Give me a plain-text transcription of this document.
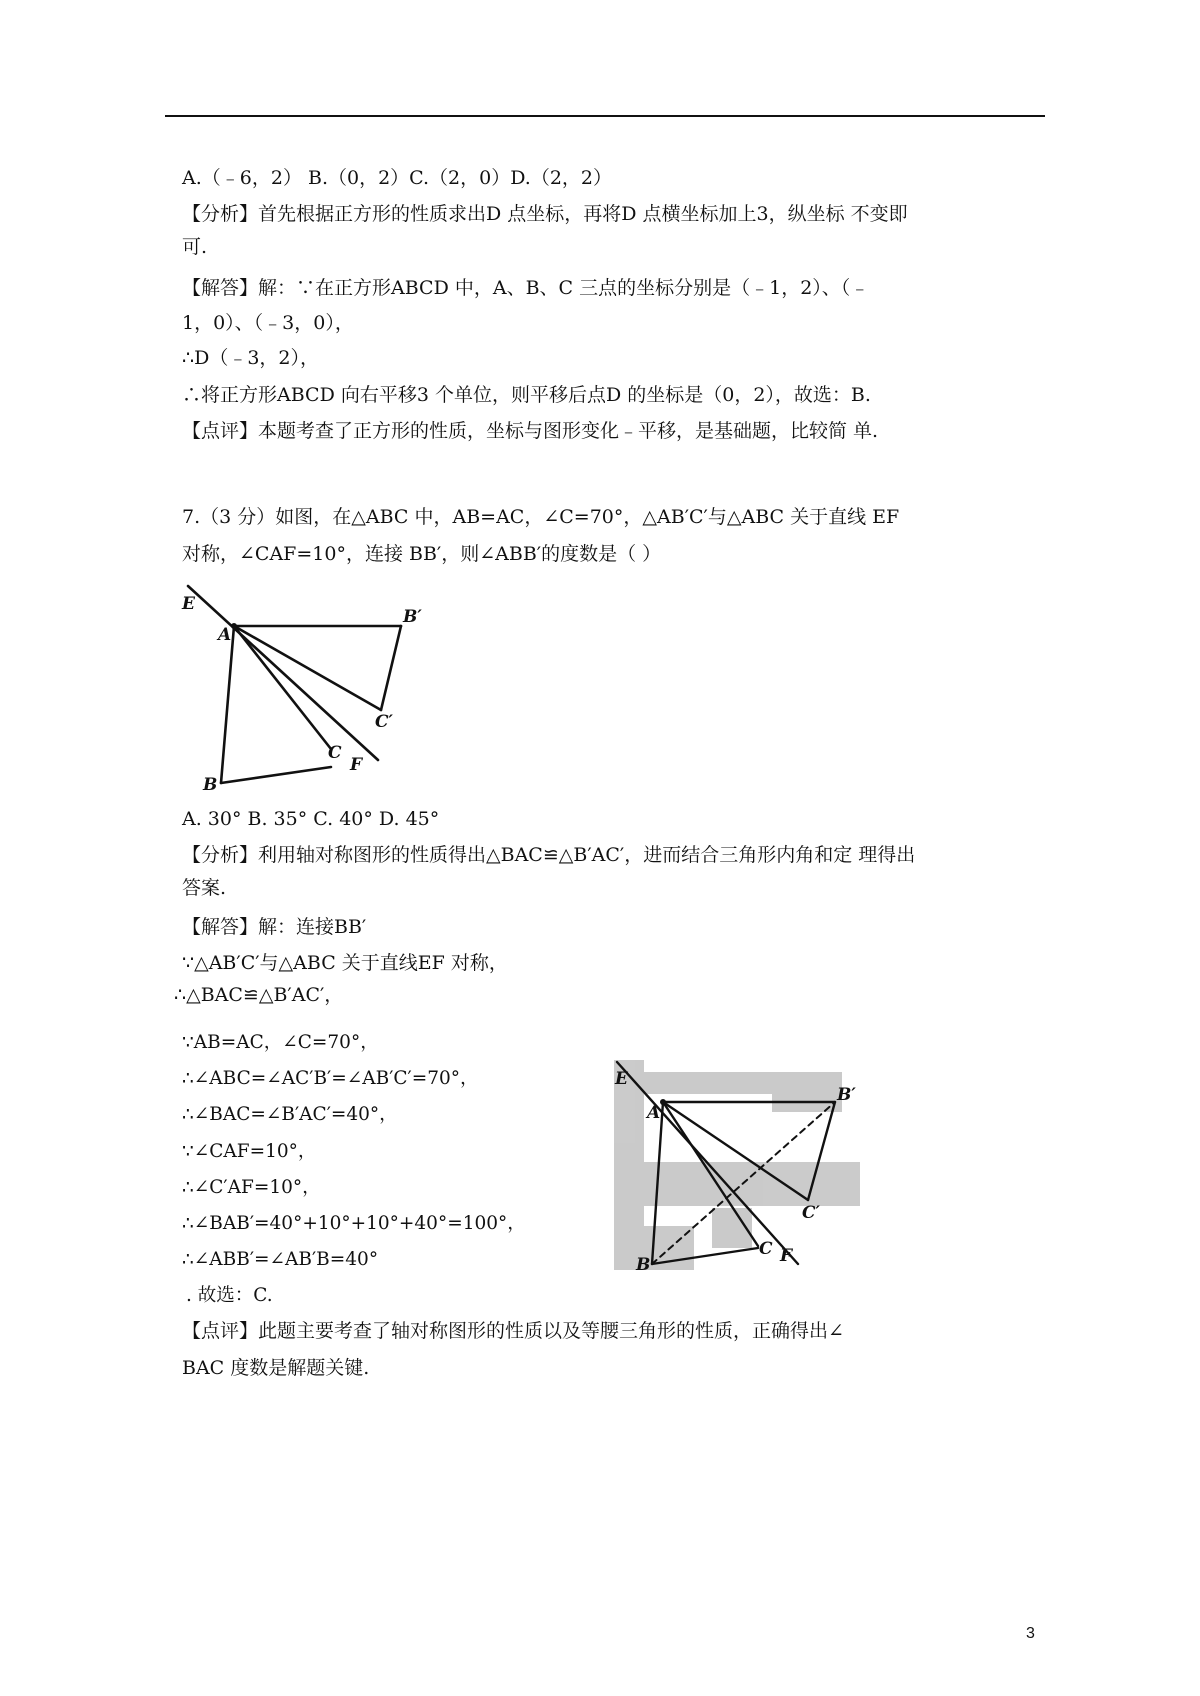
A.（﹣6，2） B.（0，2）C.（2，0）D.（2，2）
【分析】首先根据正方形的性质求出D 点坐标，再将D 点横坐标加上3，纵坐标 不变即
可.
【解答】解：∵在正方形ABCD 中，A、B、C 三点的坐标分别是（﹣1，2）、（﹣
1，0）、（﹣3，0），
∴D（﹣3，2），
∴将正方形ABCD 向右平移3 个单位，则平移后点D 的坐标是（0，2），故选：B.
【点评】本题考查了正方形的性质，坐标与图形变化﹣平移，是基础题，比较简 单.
7.（3 分）如图，在△ABC 中，AB=AC，∠C=70°，△AB′C′与△ABC 关于直线 EF
对称，∠CAF=10°，连接 BB′，则∠ABB′的度数是（ ）
E
A
B′
C′
C
F
B
A. 30° B. 35° C. 40° D. 45°
【分析】利用轴对称图形的性质得出△BAC≌△B′AC′，进而结合三角形内角和定 理得出
答案.
【解答】解：连接BB′
∵△AB′C′与△ABC 关于直线EF 对称，
∴△BAC≌△B′AC′，
∵AB=AC，∠C=70°，
∴∠ABC=∠AC′B′=∠AB′C′=70°，
∴∠BAC=∠B′AC′=40°，
∵∠CAF=10°，
∴∠C′AF=10°，
∴∠BAB′=40°+10°+10°+40°=100°，
∴∠ABB′=∠AB′B=40°
. 故选：C.
E
A
B′
C′
C F
B
【点评】此题主要考查了轴对称图形的性质以及等腰三角形的性质，正确得出∠
BAC 度数是解题关键.
3
